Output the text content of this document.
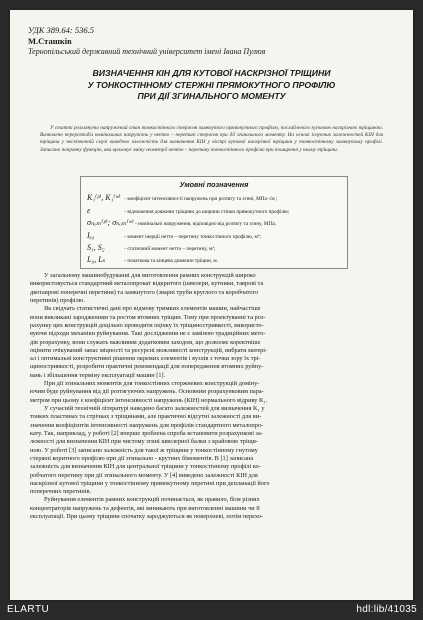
УДК 389.64: 536.5
М.Сташків
Тернопільський державний технічний університет імені Івана Пулюя
ВИЗНАЧЕННЯ КІН ДЛЯ КУТОВОЇ НАСКРІЗНОЇ ТРІЩИНИ
У ТОНКОСТІННОМУ СТЕРЖНІ ПРЯМОКУТНОГО ПРОФІЛЮ
ПРИ ДІЇ ЗГИНАЛЬНОГО МОМЕНТУ
У статті розглянуто напружений стан тонкостінного стержня замкнутого прямокутного профілю, послабленого кутовою наскрізною тріщиною. Визначено перерозподіл номінальних напружень у нетто – перетині стержня при дії згинального моменту. На основі існуючих залежностей КІН для тріщини у нескінченній смузі виведено залежність для визначення КІН у вістрі кутової наскрізної тріщини у тонкостінному замкнутому профілі. Записано поправну функцію, яка враховує зміну геометрії нетто – перетину тонкостінного профілю при поширенні у ньому тріщини.
Умовні позначення
K₁⁽ᵖ⁾, K₁⁽ʷ⁾ - коефіцієнт інтенсивності напружень при розтягу та згині, МПа·√м ;
ε	- відношення довжини тріщини до ширини стінки прямокутного профілю;
σₙₒₘ⁽ᵖ⁾; σₙₒₘ⁽ʷ⁾ - номінальні напруження, відповідно від розтягу та згину, МПа;
Iᵧ₀	- момент інерції нетто – перетину тонкостінного профілю, м⁴;
S₁, S₂	- статичний момент нетто – перетину, м³;
L₀, Lₛ	- початкова та кінцева довжини тріщин, м.

У загальному машинобудуванні для виготовлення рамних конструкцій широко
використовується стандартний металопрокат відкритого (швелери, кутники, таврові та
двотаврові поперечні перетини) та замкнутого (зварні труби круглого та коробчатого
перетинів) профілю.

Як свідчать статистичні дані про відмову тримких елементів машин, найчастіше
вони викликані зародженням та ростом втомних тріщин. Тому при проектуванні та роз-
рахунку цих конструкцій доцільно проводити оцінку їх тріщиностривкості, використо-
вуючи підходи механіки руйнування. Такі дослідження не є заміною традиційних мето-
дів розрахунку, вони служать важливим додатковим заходом, що дозволяє коректніше
оцінити очікуваний запас міцності та ресурсні можливості конструкцій, вибрати матері-
ал і оптимальні конструктивні рішення окремих елементів і вузлів з точки зору їх трі-
щиностривкості, розробити практичні рекомендації для попередження втомних руйну-
вань і збільшення терміну експлуатації машин [1].

При дії згинальних моментів для тонкостінних стержневих конструкцій домінy-
ючим буде руйнування від дії розтягуючих напружень. Основним розрахунковим пара-
метром при цьому є коефіцієнт інтенсивності напружень (КІН) нормального відриву K₁.

У сучасній технічній літературі наведено багато залежностей для визначення K₁ у
тонких пластинах та стрічках з тріщинами, але практично відсутні залежності для ви-
значення коефіцієнтів інтенсивності напружень для профілів стандартного металопро-
кату. Так, наприклад, у роботі [2] вперше зроблена спроба встановити розрахункові за-
лежності для визначення КІН при чистому згині швелерної балки з крайовою тріщи-
ною. У роботі [3] записано залежність для такої ж тріщини у тонкостінному гнутому
стержні коритного профілю при дії згинально - крутних бімоментів. В [1] записана
залежність для визначення КІН для центральної тріщини у тонкостінному профілі ко-
робчатого перетину при дії згинального моменту. У [4] виведено залежності КІН для
наскрізної кутової тріщини у тонкостінному прямокутному перетині при депланації його
поперечних перетинів.

Руйнування елементів рамних конструкцій починається, як правило, біля різних
концентраторів напружень та дефектів, які виникають при виготовленні машини чи її
експлуатації. При цьому тріщини спочатку зароджуються як поверхневі, потім перехо-

ELARTU	hdl:lib/41035
